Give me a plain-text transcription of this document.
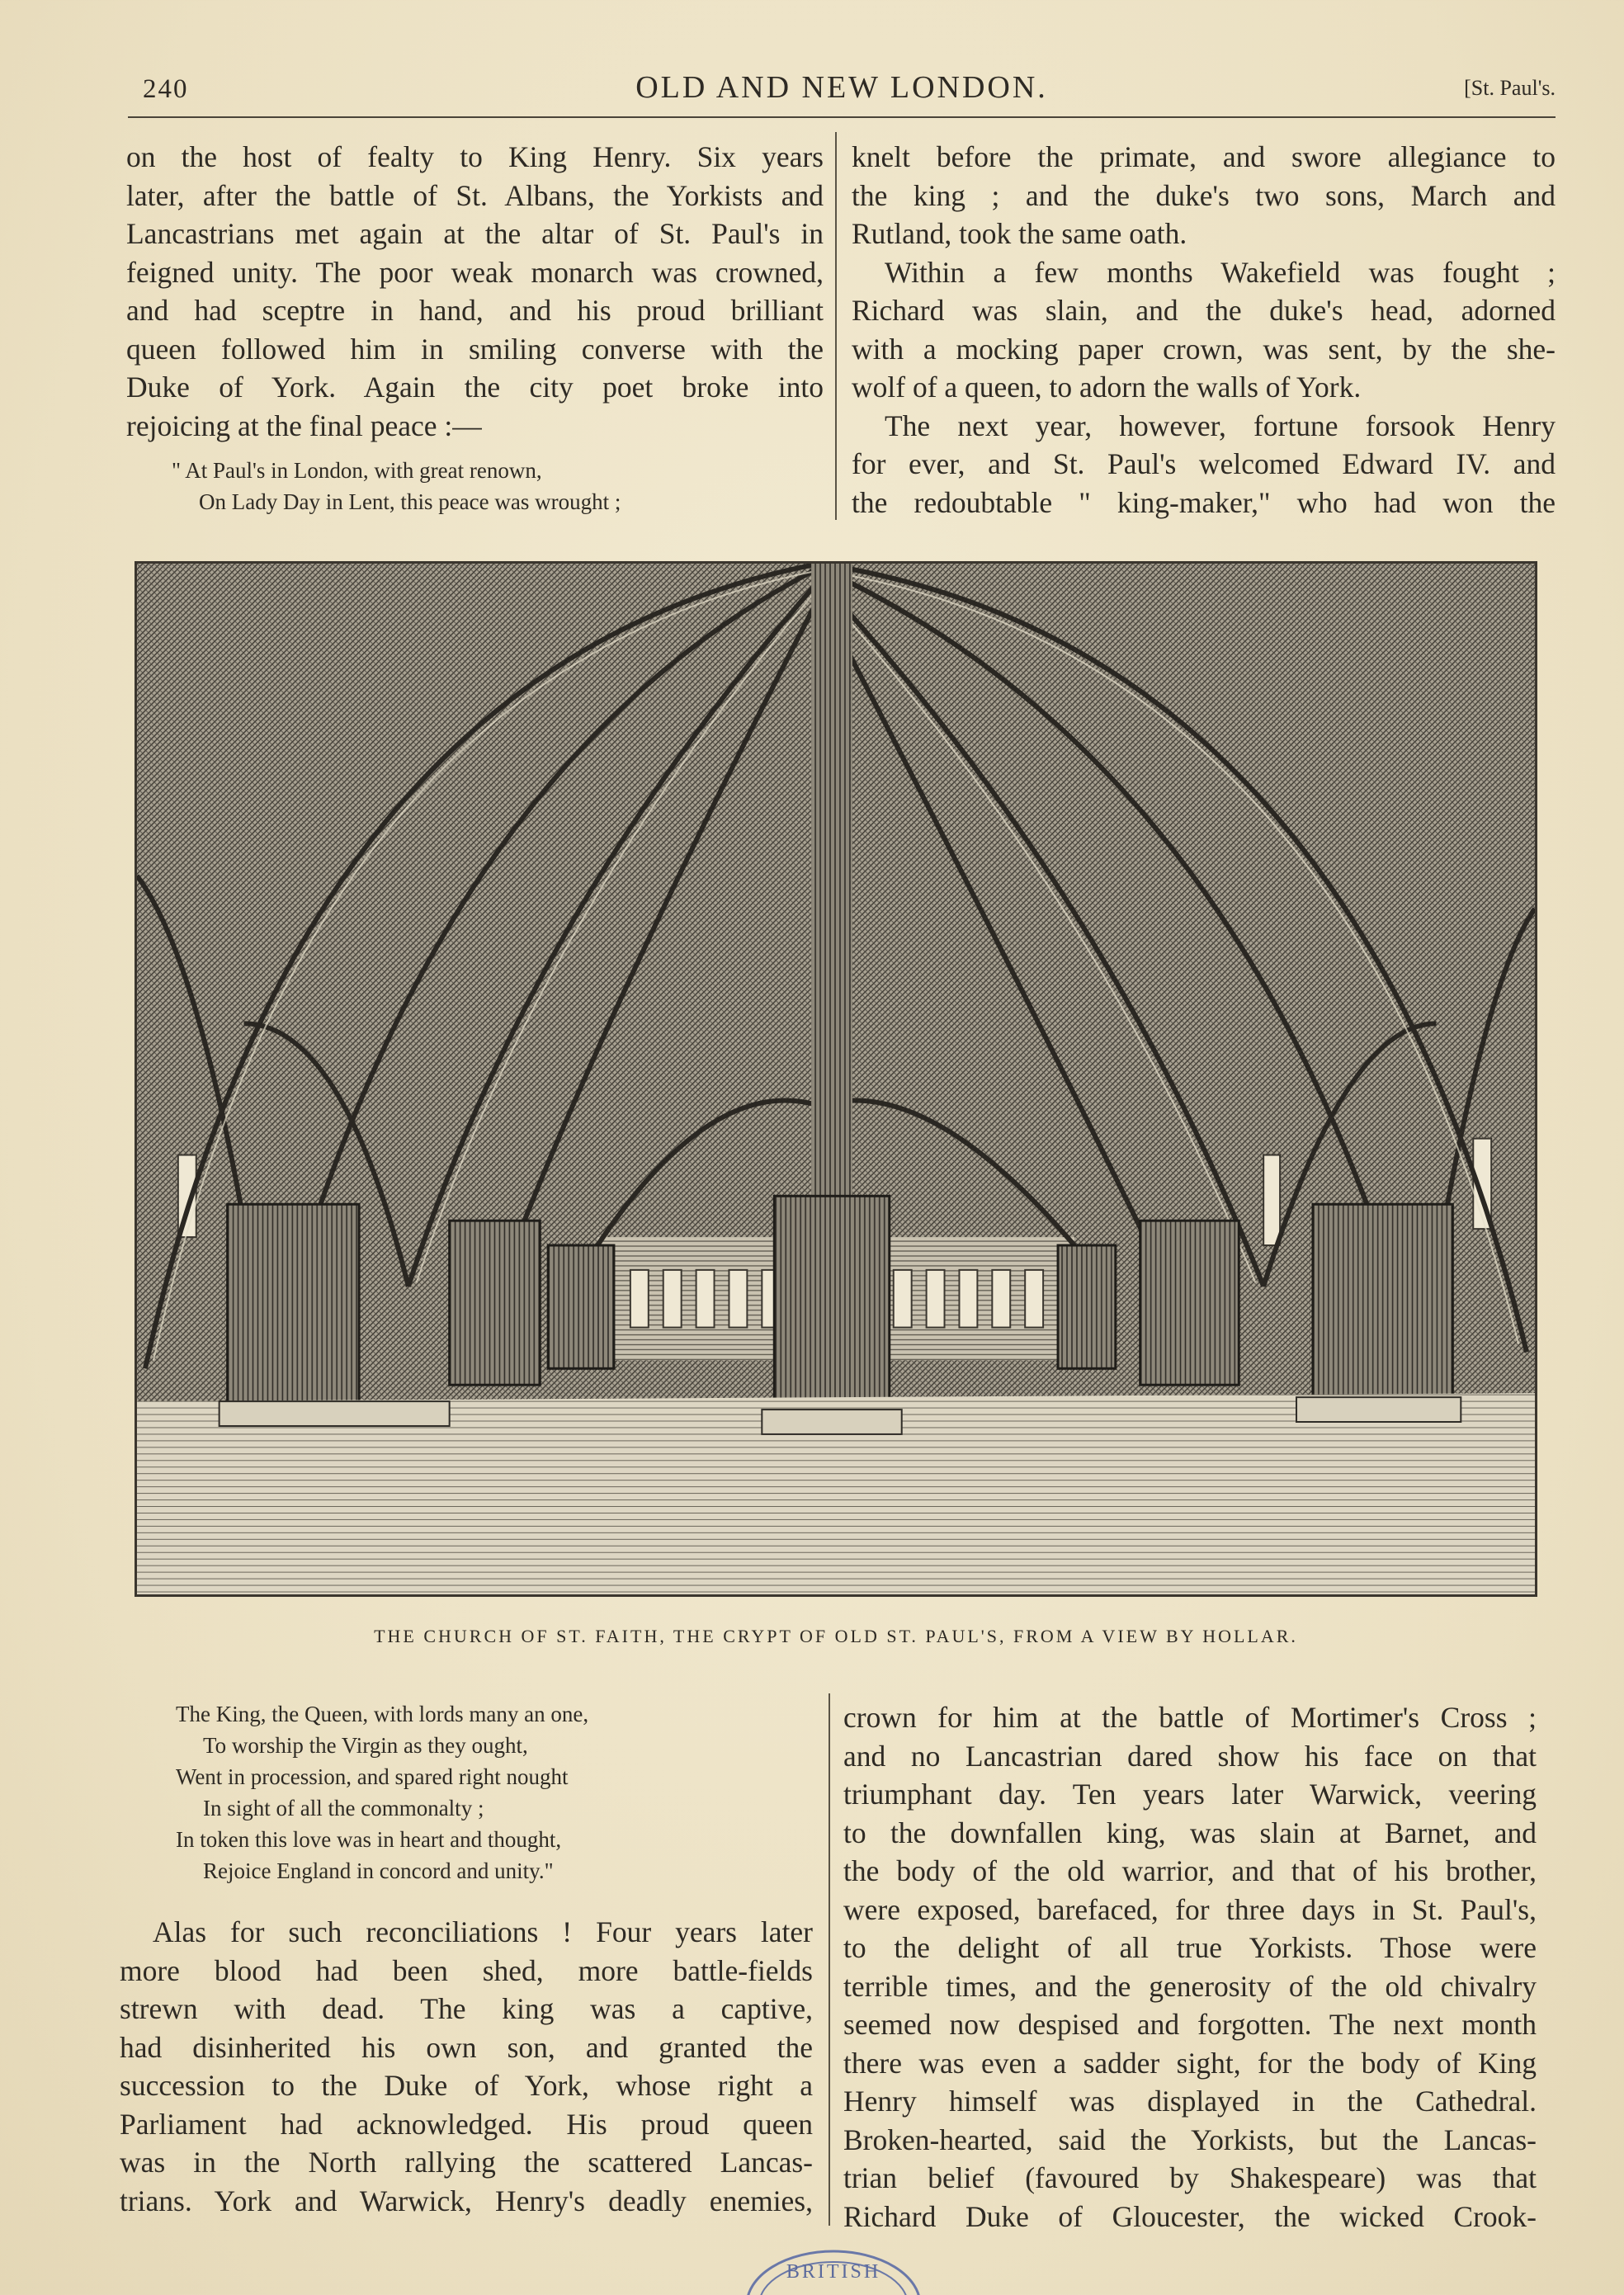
240	OLD AND NEW LONDON.	[St. Paul's.

on the host of fealty to King Henry. Six years

later, after the battle of St. Albans, the Yorkists and

Lancastrians met again at the altar of St. Paul's in

feigned unity. The poor weak monarch was crowned,

and had sceptre in hand, and his proud brilliant

queen followed him in smiling converse with the

Duke of York. Again the city poet broke into

rejoicing at the final peace :—

" At Paul's in London, with great renown,
On Lady Day in Lent, this peace was wrought ;

knelt before the primate, and swore allegiance to

the king ; and the duke's two sons, March and

Rutland, took the same oath.

Within a few months Wakefield was fought ;

Richard was slain, and the duke's head, adorned

with a mocking paper crown, was sent, by the she-

wolf of a queen, to adorn the walls of York.

The next year, however, fortune forsook Henry

for ever, and St. Paul's welcomed Edward IV. and

the redoubtable " king-maker," who had won the

THE CHURCH OF ST. FAITH, THE CRYPT OF OLD ST. PAUL'S, FROM A VIEW BY HOLLAR.
The King, the Queen, with lords many an one,
To worship the Virgin as they ought,
Went in procession, and spared right nought
In sight of all the commonalty ;
In token this love was in heart and thought,
Rejoice England in concord and unity."

Alas for such reconciliations ! Four years later

more blood had been shed, more battle-fields

strewn with dead. The king was a captive,

had disinherited his own son, and granted the

succession to the Duke of York, whose right a

Parliament had acknowledged. His proud queen

was in the North rallying the scattered Lancas-

trians. York and Warwick, Henry's deadly enemies,

crown for him at the battle of Mortimer's Cross ;

and no Lancastrian dared show his face on that

triumphant day. Ten years later Warwick, veering

to the downfallen king, was slain at Barnet, and

the body of the old warrior, and that of his brother,

were exposed, barefaced, for three days in St. Paul's,

to the delight of all true Yorkists. Those were

terrible times, and the generosity of the old chivalry

seemed now despised and forgotten. The next month

there was even a sadder sight, for the body of King

Henry himself was displayed in the Cathedral.

Broken-hearted, said the Yorkists, but the Lancas-

trian belief (favoured by Shakespeare) was that

Richard Duke of Gloucester, the wicked Crook-

BRITISH
